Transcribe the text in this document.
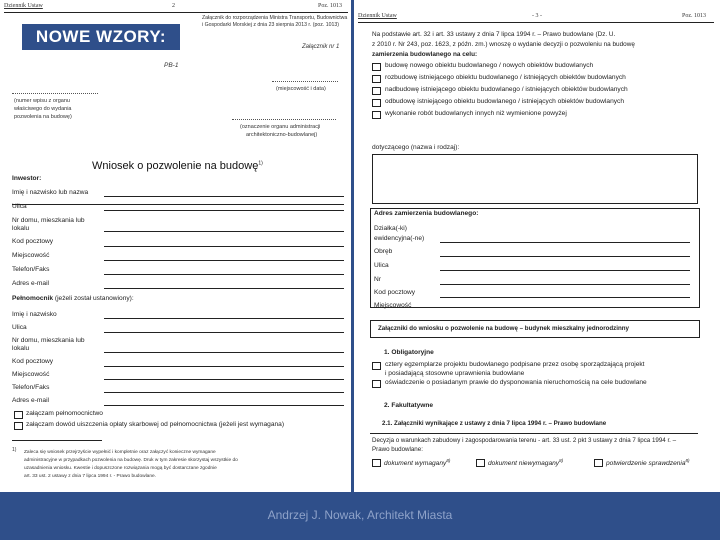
Dziennik Ustaw	2	Poz. 1013
Załącznik do rozporządzenia Ministra Transportu, Budownictwa
i Gospodarki Morskiej z dnia 23 sierpnia 2013 r. (poz. 1013)
Załącznik nr 1
PB-1
(miejscowość i data)
(numer wpisu z organu
właściwego do wydania
pozwolenia na budowę)
(oznaczenie organu administracji
architektoniczno-budowlanej)
Wniosek o pozwolenie na budowę$^{1)}$
Inwestor:
Imię i nazwisko lub nazwa
Ulica
Nr domu, mieszkania lub
lokalu
Kod pocztowy
Miejscowość
Telefon/Faks
Adres e-mail
Pełnomocnik (jeżeli został ustanowiony):
Imię i nazwisko
Ulica
Nr domu, mieszkania lub
lokalu
Kod pocztowy
Miejscowość
Telefon/Faks
Adres e-mail
załączam pełnomocnictwo
załączam dowód uiszczenia opłaty skarbowej od pełnomocnictwa (jeżeli jest wymagana)
1) Zaleca się wniosek przejrzyście wypełnić i kompletnie oraz załączyć konieczne wymagane
administracyjne w przypadkach pozwolenia na budowę. Druk w tym zakresie skorzystaj wszystkie do
uzasadnienia wniosku. Kwestie i dopuszczone rozwiązania mogą być dostarczane zgodnie
art. 33 ust. 2 ustawy z dnia 7 lipca 1994 r. - Prawo budowlane.
Dziennik Ustaw	- 3 -	Poz. 1013
Na podstawie art. 32 i art. 33 ustawy z dnia 7 lipca 1994 r. – Prawo budowlane (Dz. U.
z 2010 r. Nr 243, poz. 1623, z późn. zm.) wnoszę o wydanie decyzji o pozwoleniu na budowę
zamierzenia budowlanego na celu:
budowę nowego obiektu budowlanego / nowych obiektów budowlanych
rozbudowę istniejącego obiektu budowlanego / istniejących obiektów budowlanych
nadbudowę istniejącego obiektu budowlanego / istniejących obiektów budowlanych
odbudowę istniejącego obiektu budowlanego / istniejących obiektów budowlanych
wykonanie robót budowlanych innych niż wymienione powyżej
dotyczącego (nazwa i rodzaj):
Adres zamierzenia budowlanego:
Działka(-ki)
ewidencyjna(-ne)
Obręb
Ulica
Nr
Kod pocztowy
Miejscowość
Załączniki do wniosku o pozwolenie na budowę – budynek mieszkalny jednorodzinny
1. Obligatoryjne
cztery egzemplarze projektu budowlanego podpisane przez osobę sporządzającą projekt
i posiadającą stosowne uprawnienia budowlane
oświadczenie o posiadanym prawie do dysponowania nieruchomością na cele budowlane
2. Fakultatywne
2.1. Załączniki wynikające z ustawy z dnia 7 lipca 1994 r. – Prawo budowlane
Decyzja o warunkach zabudowy i zagospodarowania terenu - art. 33 ust. 2 pkt 3 ustawy z dnia 7 lipca 1994 r. –
Prawo budowlane:
dokument wymagany$^{8)}$	dokument niewymagany$^{8)}$	potwierdzenie sprawdzenia$^{8)}$
NOWE WZORY:
Andrzej J. Nowak, Architekt Miasta
